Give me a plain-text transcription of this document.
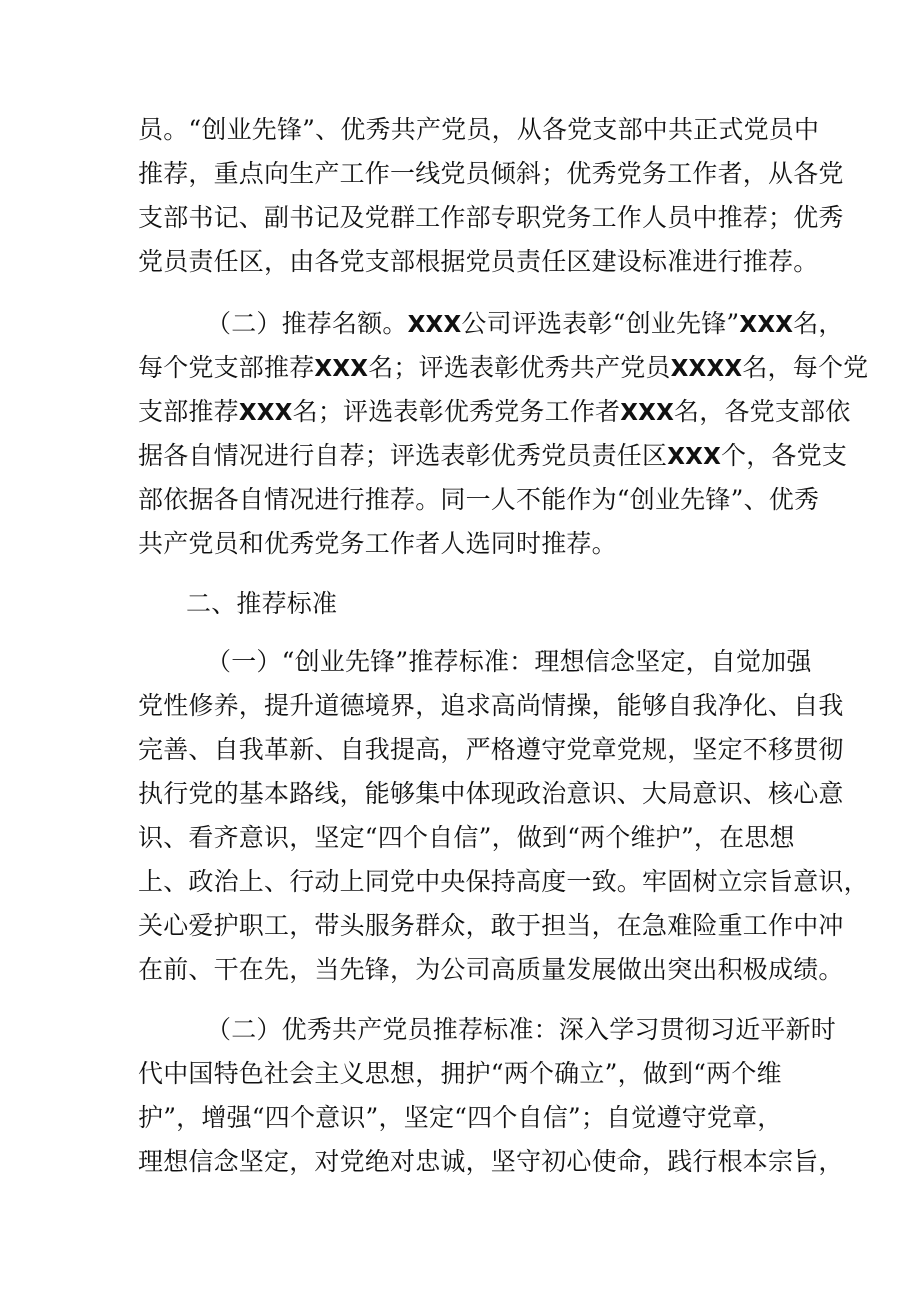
员。“创业先锋”、优秀共产党员，从各党支部中共正式党员中
推荐，重点向生产工作一线党员倾斜；优秀党务工作者，从各党
支部书记、副书记及党群工作部专职党务工作人员中推荐；优秀
党员责任区，由各党支部根据党员责任区建设标准进行推荐。
（二）推荐名额。XXX公司评选表彰“创业先锋”XXX名，
每个党支部推荐XXX名；评选表彰优秀共产党员XXXX名，每个党
支部推荐XXX名；评选表彰优秀党务工作者XXX名，各党支部依
据各自情况进行自荐；评选表彰优秀党员责任区XXX个，各党支
部依据各自情况进行推荐。同一人不能作为“创业先锋”、优秀
共产党员和优秀党务工作者人选同时推荐。
二、推荐标准
（一）“创业先锋”推荐标准：理想信念坚定，自觉加强
党性修养，提升道德境界，追求高尚情操，能够自我净化、自我
完善、自我革新、自我提高，严格遵守党章党规，坚定不移贯彻
执行党的基本路线，能够集中体现政治意识、大局意识、核心意
识、看齐意识，坚定“四个自信”，做到“两个维护”，在思想
上、政治上、行动上同党中央保持高度一致。牢固树立宗旨意识，
关心爱护职工，带头服务群众，敢于担当，在急难险重工作中冲
在前、干在先，当先锋，为公司高质量发展做出突出积极成绩。
（二）优秀共产党员推荐标准：深入学习贯彻习近平新时
代中国特色社会主义思想，拥护“两个确立”，做到“两个维
护”，增强“四个意识”，坚定“四个自信”；自觉遵守党章，
理想信念坚定，对党绝对忠诚，坚守初心使命，践行根本宗旨，
